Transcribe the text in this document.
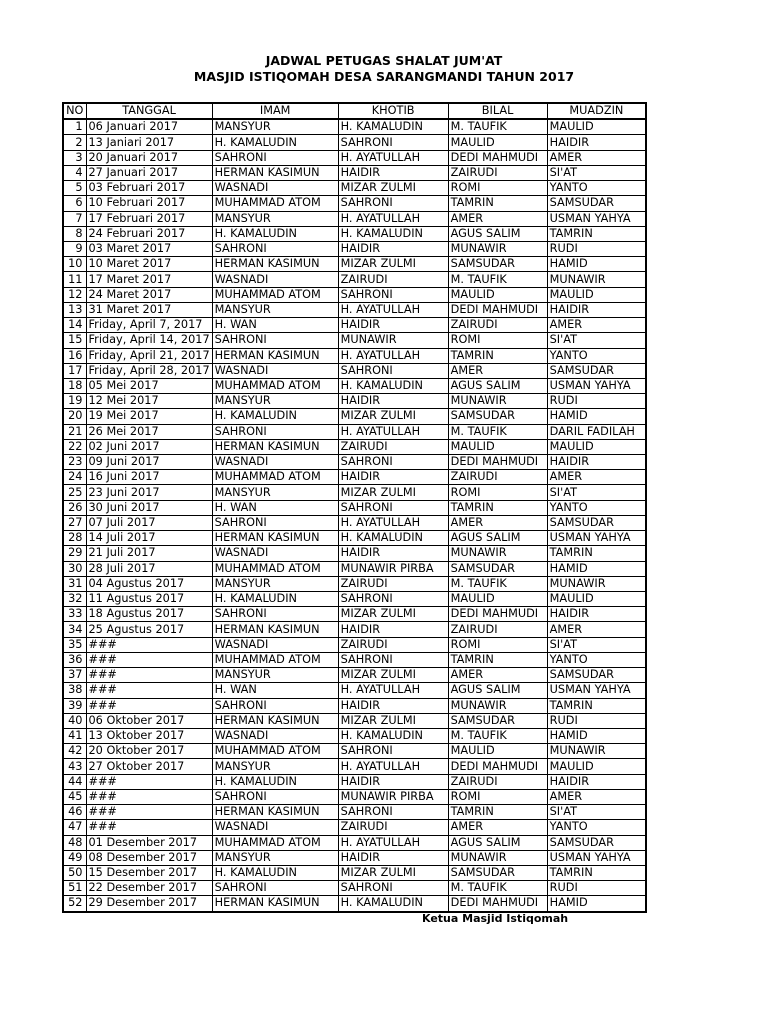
JADWAL PETUGAS SHALAT JUM'AT
MASJID ISTIQOMAH DESA SARANGMANDI TAHUN 2017
NO	TANGGAL	IMAM	KHOTIB	BILAL	MUADZIN
1	06 Januari 2017	MANSYUR	H. KAMALUDIN	M. TAUFIK	MAULID
2	13 Janiari 2017	H. KAMALUDIN	SAHRONI	MAULID	HAIDIR
3	20 Januari 2017	SAHRONI	H. AYATULLAH	DEDI MAHMUDI	AMER
4	27 Januari 2017	HERMAN KASIMUN	HAIDIR	ZAIRUDI	SI'AT
5	03 Februari 2017	WASNADI	MIZAR ZULMI	ROMI	YANTO
6	10 Februari 2017	MUHAMMAD ATOM	SAHRONI	TAMRIN	SAMSUDAR
7	17 Februari 2017	MANSYUR	H. AYATULLAH	AMER	USMAN YAHYA
8	24 Februari 2017	H. KAMALUDIN	H. KAMALUDIN	AGUS SALIM	TAMRIN
9	03 Maret 2017	SAHRONI	HAIDIR	MUNAWIR	RUDI
10	10 Maret 2017	HERMAN KASIMUN	MIZAR ZULMI	SAMSUDAR	HAMID
11	17 Maret 2017	WASNADI	ZAIRUDI	M. TAUFIK	MUNAWIR
12	24 Maret 2017	MUHAMMAD ATOM	SAHRONI	MAULID	MAULID
13	31 Maret 2017	MANSYUR	H. AYATULLAH	DEDI MAHMUDI	HAIDIR
14	Friday, April 7, 2017	H. WAN	HAIDIR	ZAIRUDI	AMER
15	Friday, April 14, 2017	SAHRONI	MUNAWIR	ROMI	SI'AT
16	Friday, April 21, 2017	HERMAN KASIMUN	H. AYATULLAH	TAMRIN	YANTO
17	Friday, April 28, 2017	WASNADI	SAHRONI	AMER	SAMSUDAR
18	05 Mei 2017	MUHAMMAD ATOM	H. KAMALUDIN	AGUS SALIM	USMAN YAHYA
19	12 Mei 2017	MANSYUR	HAIDIR	MUNAWIR	RUDI
20	19 Mei 2017	H. KAMALUDIN	MIZAR ZULMI	SAMSUDAR	HAMID
21	26 Mei 2017	SAHRONI	H. AYATULLAH	M. TAUFIK	DARIL FADILAH
22	02 Juni 2017	HERMAN KASIMUN	ZAIRUDI	MAULID	MAULID
23	09 Juni 2017	WASNADI	SAHRONI	DEDI MAHMUDI	HAIDIR
24	16 Juni 2017	MUHAMMAD ATOM	HAIDIR	ZAIRUDI	AMER
25	23 Juni 2017	MANSYUR	MIZAR ZULMI	ROMI	SI'AT
26	30 Juni 2017	H. WAN	SAHRONI	TAMRIN	YANTO
27	07 Juli 2017	SAHRONI	H. AYATULLAH	AMER	SAMSUDAR
28	14 Juli 2017	HERMAN KASIMUN	H. KAMALUDIN	AGUS SALIM	USMAN YAHYA
29	21 Juli 2017	WASNADI	HAIDIR	MUNAWIR	TAMRIN
30	28 Juli 2017	MUHAMMAD ATOM	MUNAWIR PIRBA	SAMSUDAR	HAMID
31	04 Agustus 2017	MANSYUR	ZAIRUDI	M. TAUFIK	MUNAWIR
32	11 Agustus 2017	H. KAMALUDIN	SAHRONI	MAULID	MAULID
33	18 Agustus 2017	SAHRONI	MIZAR ZULMI	DEDI MAHMUDI	HAIDIR
34	25 Agustus 2017	HERMAN KASIMUN	HAIDIR	ZAIRUDI	AMER
35	###	WASNADI	ZAIRUDI	ROMI	SI'AT
36	###	MUHAMMAD ATOM	SAHRONI	TAMRIN	YANTO
37	###	MANSYUR	MIZAR ZULMI	AMER	SAMSUDAR
38	###	H. WAN	H. AYATULLAH	AGUS SALIM	USMAN YAHYA
39	###	SAHRONI	HAIDIR	MUNAWIR	TAMRIN
40	06 Oktober 2017	HERMAN KASIMUN	MIZAR ZULMI	SAMSUDAR	RUDI
41	13 Oktober 2017	WASNADI	H. KAMALUDIN	M. TAUFIK	HAMID
42	20 Oktober 2017	MUHAMMAD ATOM	SAHRONI	MAULID	MUNAWIR
43	27 Oktober 2017	MANSYUR	H. AYATULLAH	DEDI MAHMUDI	MAULID
44	###	H. KAMALUDIN	HAIDIR	ZAIRUDI	HAIDIR
45	###	SAHRONI	MUNAWIR PIRBA	ROMI	AMER
46	###	HERMAN KASIMUN	SAHRONI	TAMRIN	SI'AT
47	###	WASNADI	ZAIRUDI	AMER	YANTO
48	01 Desember 2017	MUHAMMAD ATOM	H. AYATULLAH	AGUS SALIM	SAMSUDAR
49	08 Desember 2017	MANSYUR	HAIDIR	MUNAWIR	USMAN YAHYA
50	15 Desember 2017	H. KAMALUDIN	MIZAR ZULMI	SAMSUDAR	TAMRIN
51	22 Desember 2017	SAHRONI	SAHRONI	M. TAUFIK	RUDI
52	29 Desember 2017	HERMAN KASIMUN	H. KAMALUDIN	DEDI MAHMUDI	HAMID
Ketua Masjid Istiqomah
